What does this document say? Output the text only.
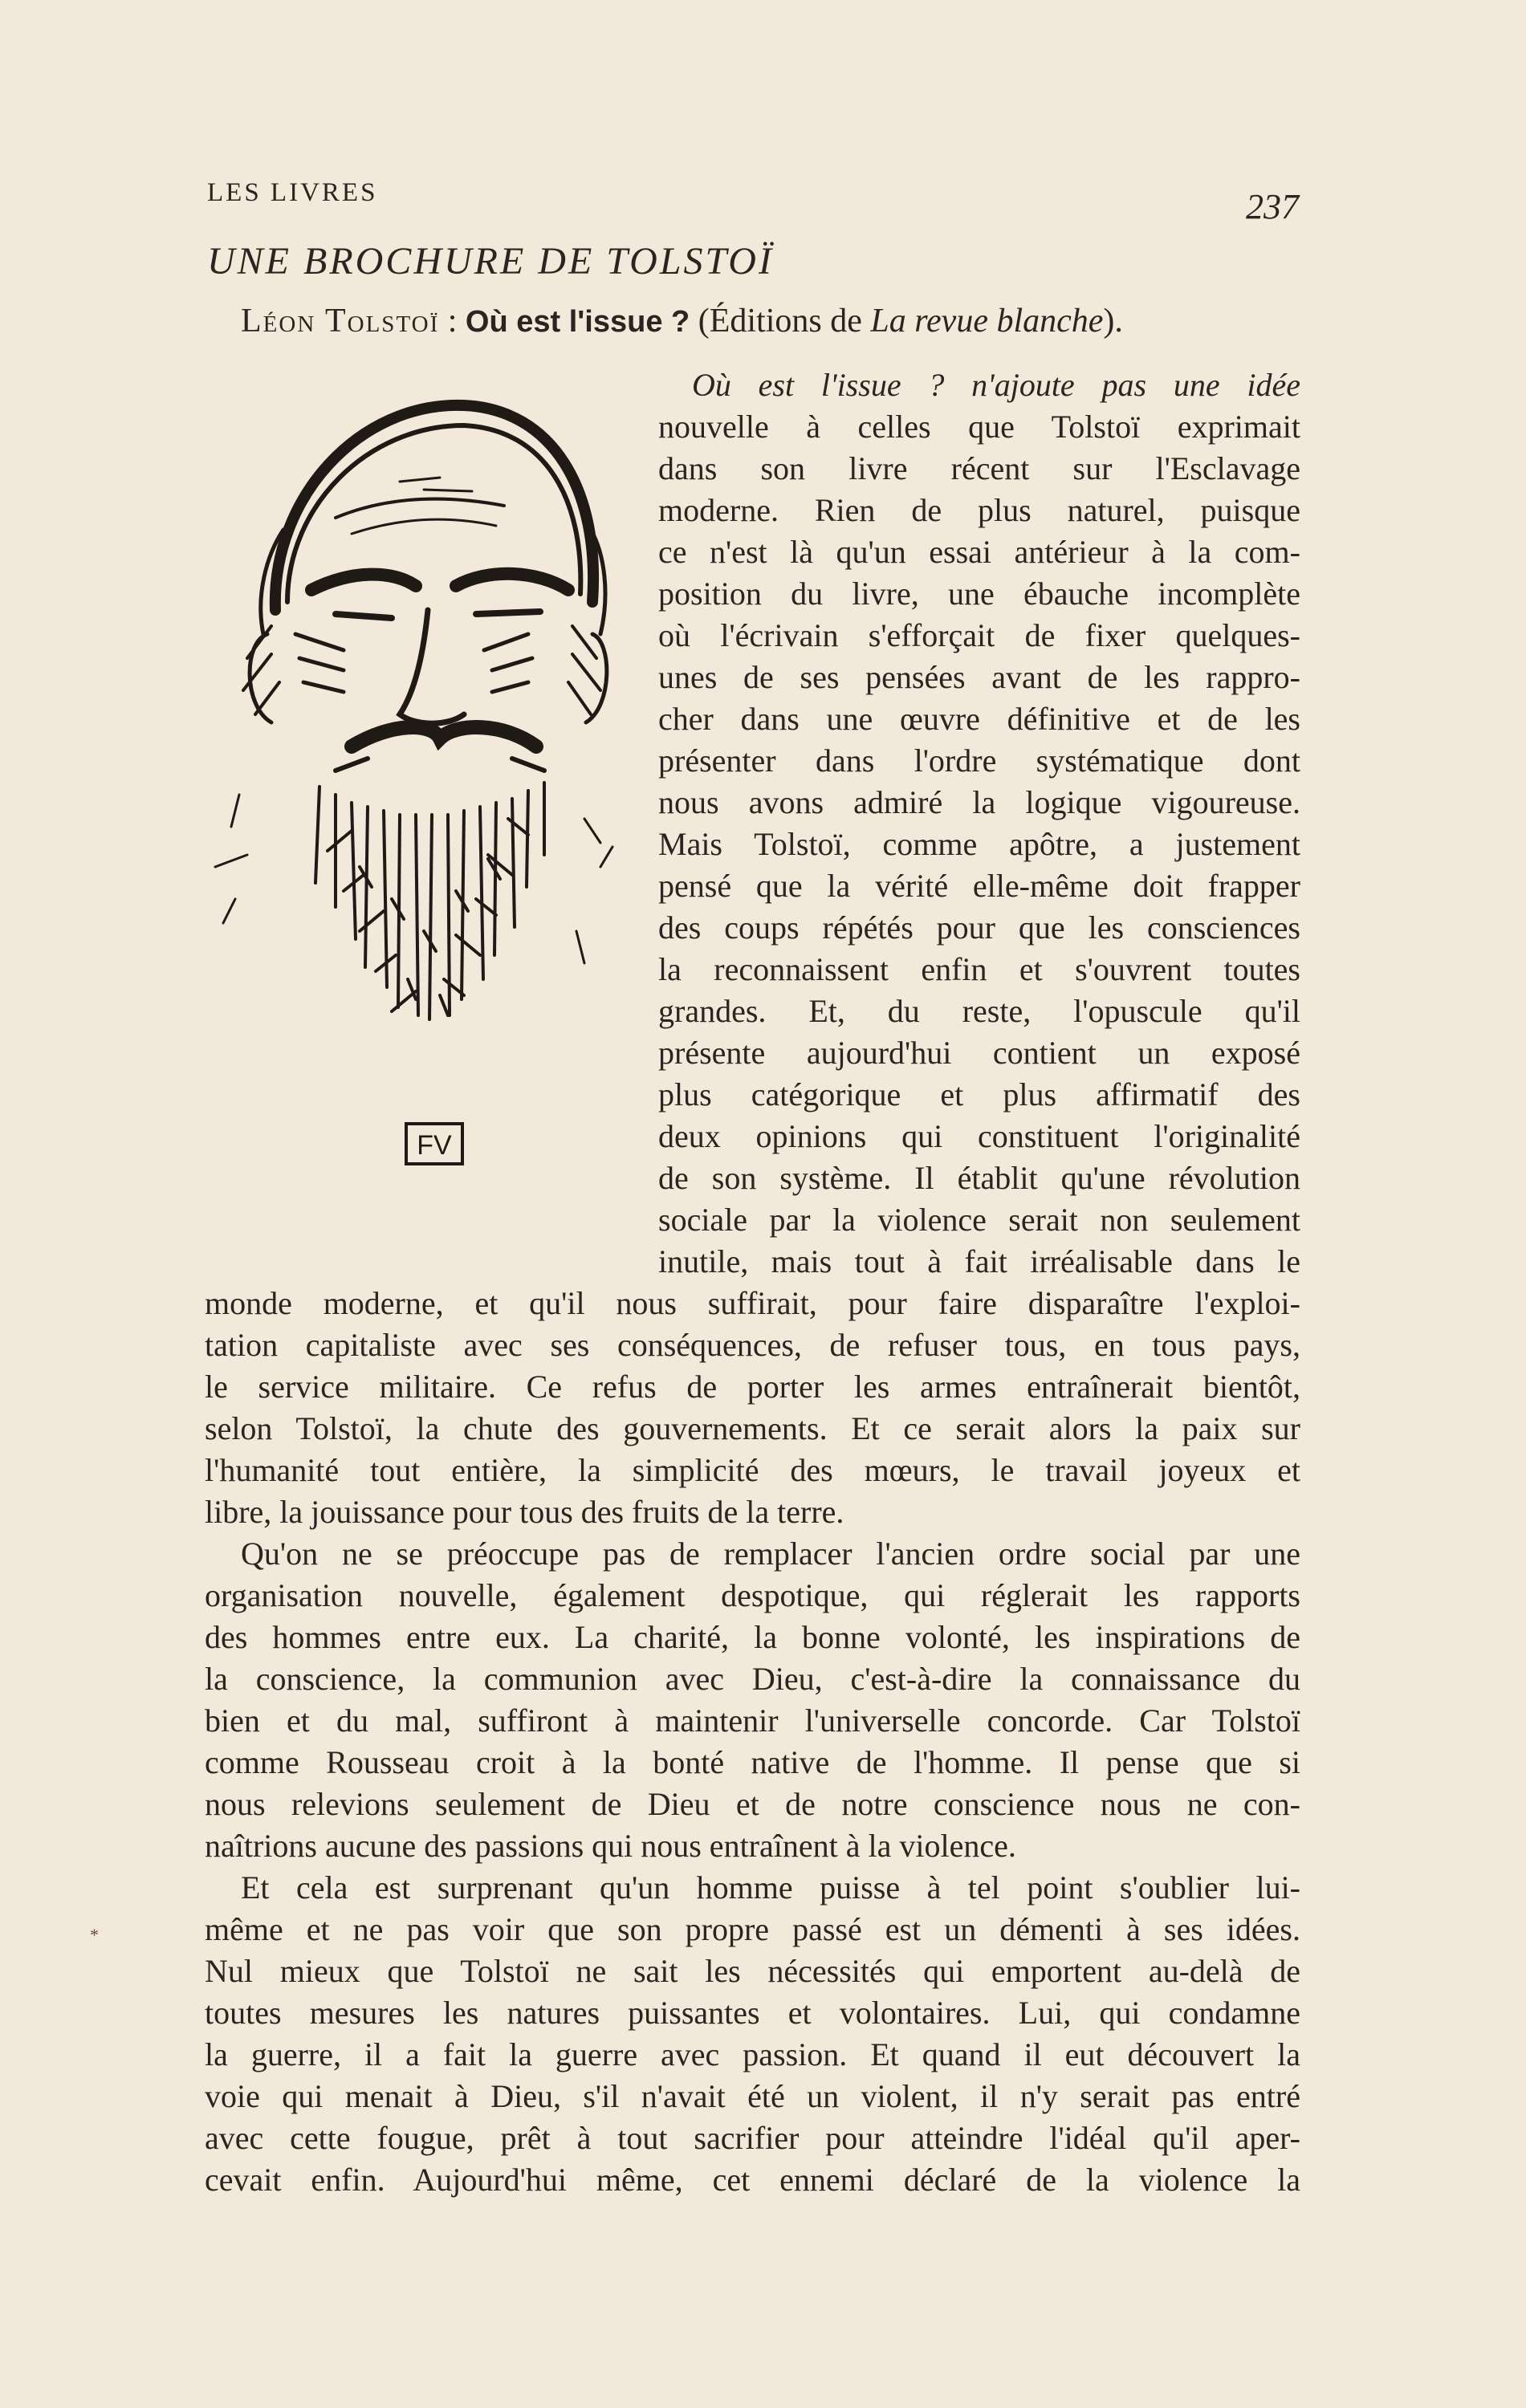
LES LIVRES	237
UNE BROCHURE DE TOLSTOÏ
Léon Tolstoï : Où est l'issue ? (Éditions de La revue blanche).
FV
*
Où est l'issue ? n'ajoute pas une idée
nouvelle à celles que Tolstoï exprimait
dans son livre récent sur l'Esclavage
moderne. Rien de plus naturel, puisque
ce n'est là qu'un essai antérieur à la com-
position du livre, une ébauche incomplète
où l'écrivain s'efforçait de fixer quelques-
unes de ses pensées avant de les rappro-
cher dans une œuvre définitive et de les
présenter dans l'ordre systématique dont
nous avons admiré la logique vigoureuse.
Mais Tolstoï, comme apôtre, a justement
pensé que la vérité elle-même doit frapper
des coups répétés pour que les consciences
la reconnaissent enfin et s'ouvrent toutes
grandes. Et, du reste, l'opuscule qu'il
présente aujourd'hui contient un exposé
plus catégorique et plus affirmatif des
deux opinions qui constituent l'originalité
de son système. Il établit qu'une révolution
sociale par la violence serait non seulement
inutile, mais tout à fait irréalisable dans le
monde moderne, et qu'il nous suffirait, pour faire disparaître l'exploi-
tation capitaliste avec ses conséquences, de refuser tous, en tous pays,
le service militaire. Ce refus de porter les armes entraînerait bientôt,
selon Tolstoï, la chute des gouvernements. Et ce serait alors la paix sur
l'humanité tout entière, la simplicité des mœurs, le travail joyeux et
libre, la jouissance pour tous des fruits de la terre.
Qu'on ne se préoccupe pas de remplacer l'ancien ordre social par une
organisation nouvelle, également despotique, qui réglerait les rapports
des hommes entre eux. La charité, la bonne volonté, les inspirations de
la conscience, la communion avec Dieu, c'est-à-dire la connaissance du
bien et du mal, suffiront à maintenir l'universelle concorde. Car Tolstoï
comme Rousseau croit à la bonté native de l'homme. Il pense que si
nous relevions seulement de Dieu et de notre conscience nous ne con-
naîtrions aucune des passions qui nous entraînent à la violence.
Et cela est surprenant qu'un homme puisse à tel point s'oublier lui-
même et ne pas voir que son propre passé est un démenti à ses idées.
Nul mieux que Tolstoï ne sait les nécessités qui emportent au-delà de
toutes mesures les natures puissantes et volontaires. Lui, qui condamne
la guerre, il a fait la guerre avec passion. Et quand il eut découvert la
voie qui menait à Dieu, s'il n'avait été un violent, il n'y serait pas entré
avec cette fougue, prêt à tout sacrifier pour atteindre l'idéal qu'il aper-
cevait enfin. Aujourd'hui même, cet ennemi déclaré de la violence la
